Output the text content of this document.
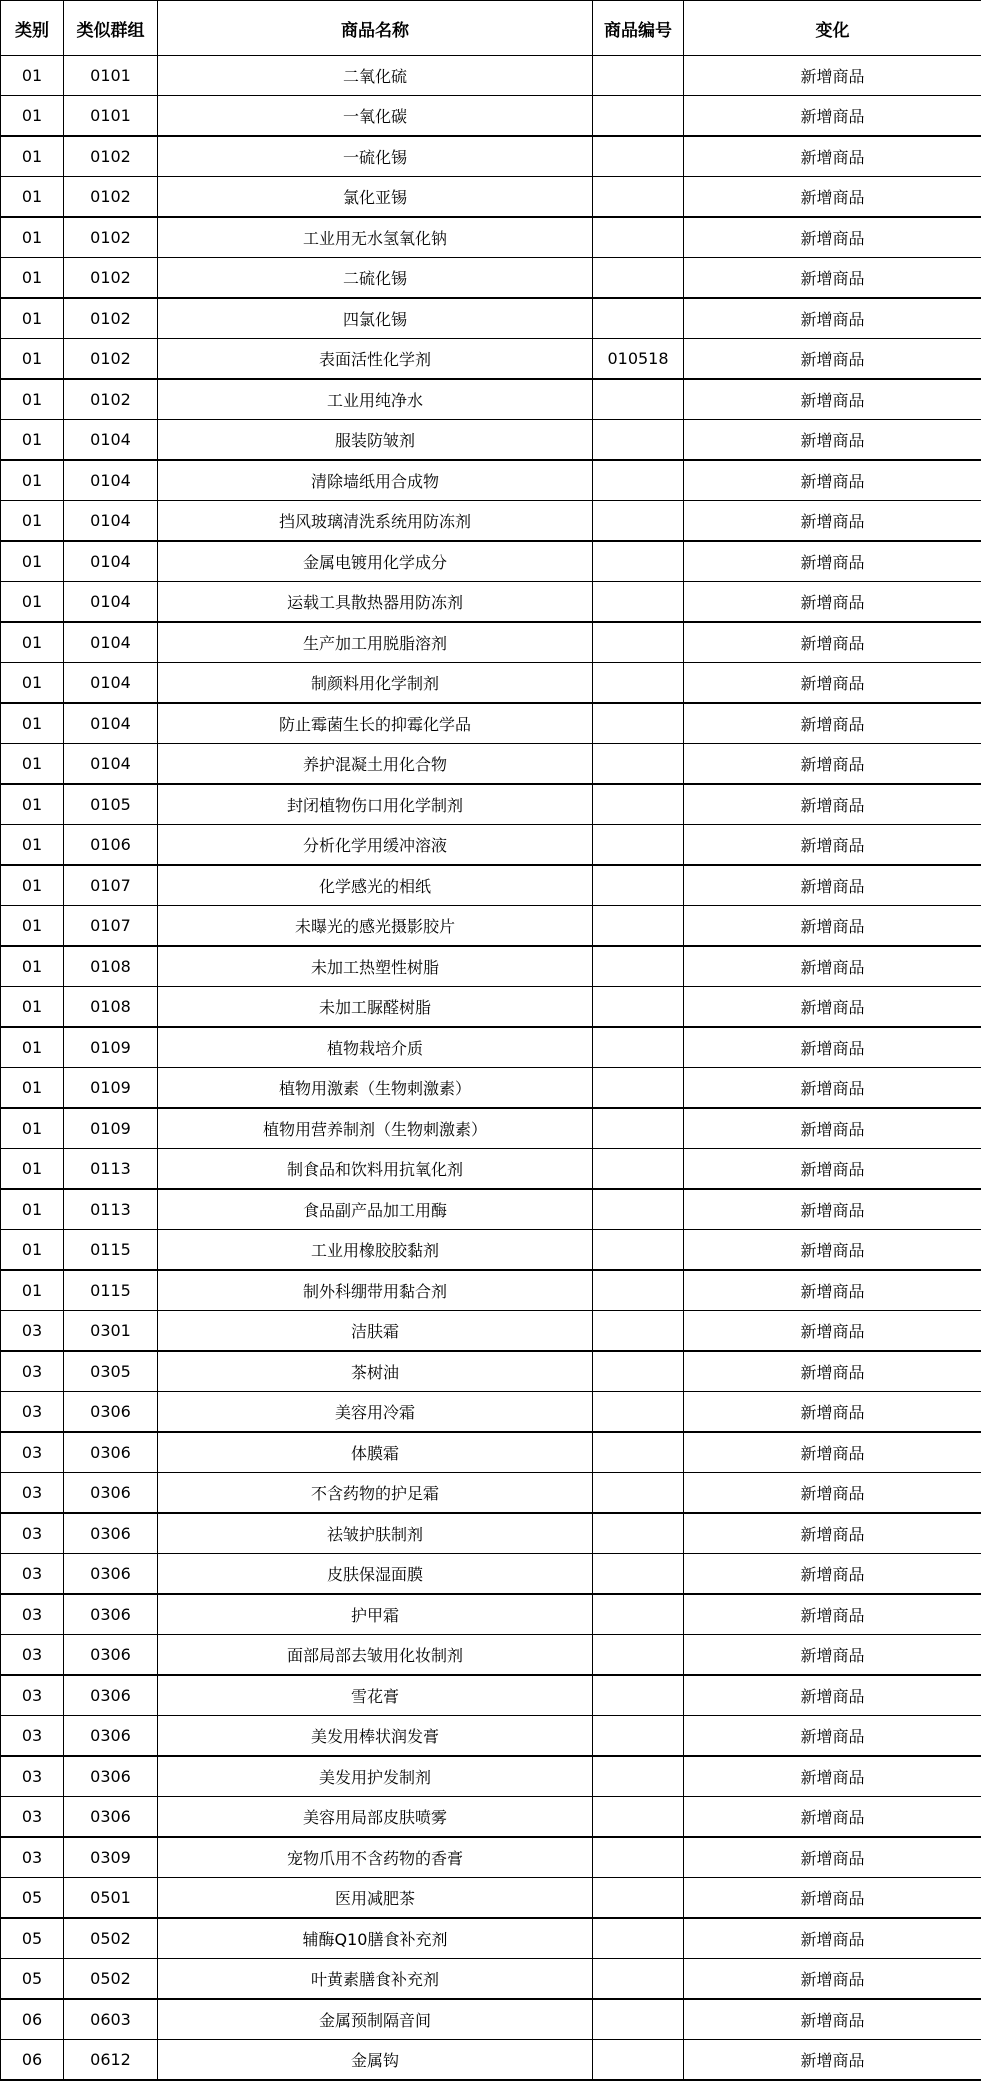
类别	类似群组	商品名称	商品编号	变化
01	0101	二氧化硫		新增商品
01	0101	一氧化碳		新增商品
01	0102	一硫化锡		新增商品
01	0102	氯化亚锡		新增商品
01	0102	工业用无水氢氧化钠		新增商品
01	0102	二硫化锡		新增商品
01	0102	四氯化锡		新增商品
01	0102	表面活性化学剂	010518	新增商品
01	0102	工业用纯净水		新增商品
01	0104	服装防皱剂		新增商品
01	0104	清除墙纸用合成物		新增商品
01	0104	挡风玻璃清洗系统用防冻剂		新增商品
01	0104	金属电镀用化学成分		新增商品
01	0104	运载工具散热器用防冻剂		新增商品
01	0104	生产加工用脱脂溶剂		新增商品
01	0104	制颜料用化学制剂		新增商品
01	0104	防止霉菌生长的抑霉化学品		新增商品
01	0104	养护混凝土用化合物		新增商品
01	0105	封闭植物伤口用化学制剂		新增商品
01	0106	分析化学用缓冲溶液		新增商品
01	0107	化学感光的相纸		新增商品
01	0107	未曝光的感光摄影胶片		新增商品
01	0108	未加工热塑性树脂		新增商品
01	0108	未加工脲醛树脂		新增商品
01	0109	植物栽培介质		新增商品
01	0109	植物用激素（生物刺激素）		新增商品
01	0109	植物用营养制剂（生物刺激素）		新增商品
01	0113	制食品和饮料用抗氧化剂		新增商品
01	0113	食品副产品加工用酶		新增商品
01	0115	工业用橡胶胶黏剂		新增商品
01	0115	制外科绷带用黏合剂		新增商品
03	0301	洁肤霜		新增商品
03	0305	茶树油		新增商品
03	0306	美容用冷霜		新增商品
03	0306	体膜霜		新增商品
03	0306	不含药物的护足霜		新增商品
03	0306	祛皱护肤制剂		新增商品
03	0306	皮肤保湿面膜		新增商品
03	0306	护甲霜		新增商品
03	0306	面部局部去皱用化妆制剂		新增商品
03	0306	雪花膏		新增商品
03	0306	美发用棒状润发膏		新增商品
03	0306	美发用护发制剂		新增商品
03	0306	美容用局部皮肤喷雾		新增商品
03	0309	宠物爪用不含药物的香膏		新增商品
05	0501	医用减肥茶		新增商品
05	0502	辅酶Q10膳食补充剂		新增商品
05	0502	叶黄素膳食补充剂		新增商品
06	0603	金属预制隔音间		新增商品
06	0612	金属钩		新增商品
